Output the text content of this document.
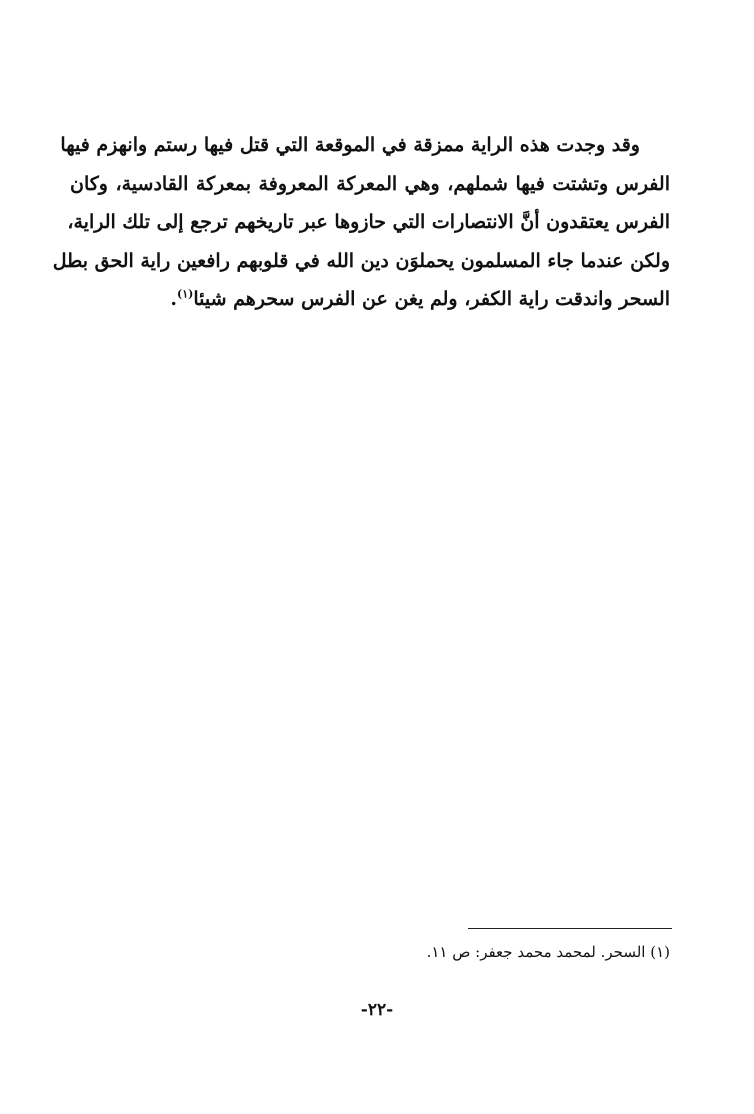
وقد وجدت هذه الراية ممزقة في الموقعة التي قتل فيها رستم وانهزم فيها
الفرس وتشتت فيها شملهم، وهي المعركة المعروفة بمعركة القادسية، وكان
الفرس يعتقدون أنَّ الانتصارات التي حازوها عبر تاريخهم ترجع إلى تلك الراية،
ولكن عندما جاء المسلمون يحملوَن دين الله في قلوبهم رافعين راية الحق بطل
السحر واندقت راية الكفر، ولم يغن عن الفرس سحرهم شيئا$^{(١)}$.
(١) السحر. لمحمد محمد جعفر: ص ١١.
-٢٢-
